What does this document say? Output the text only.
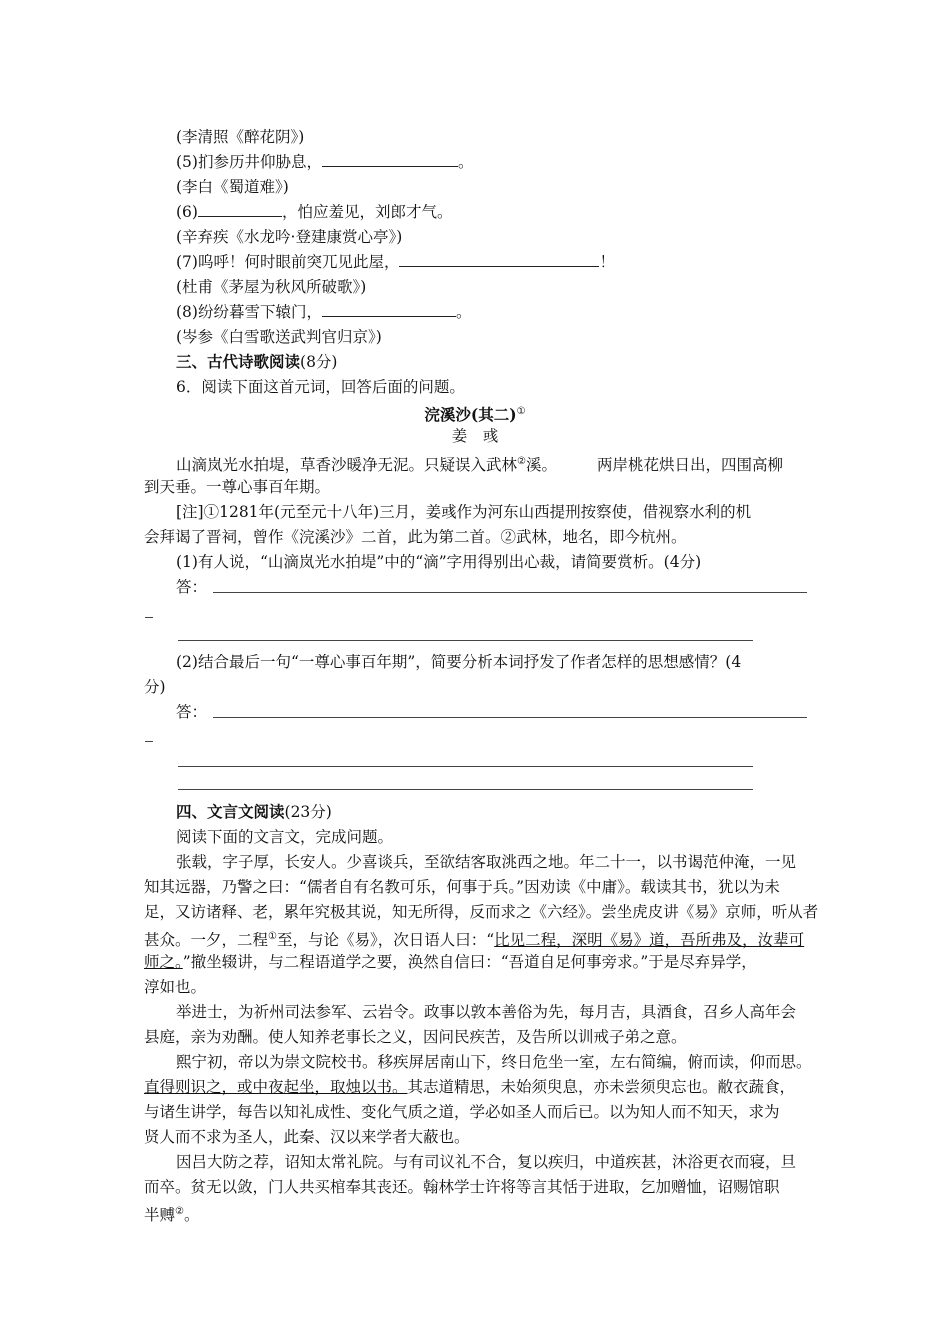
(李清照《醉花阴》)
(5)扪参历井仰胁息，	。
(李白《蜀道难》)
(6)	，怕应羞见，刘郎才气。
(辛弃疾《水龙吟·登建康赏心亭》)
(7)呜呼！何时眼前突兀见此屋，	！
(杜甫《茅屋为秋风所破歌》)
(8)纷纷暮雪下辕门，	。
(岑参《白雪歌送武判官归京》)
三、古代诗歌阅读(8分)
6．阅读下面这首元词，回答后面的问题。
浣溪沙(其二)①
姜　彧
山滴岚光水拍堤，草香沙暖净无泥。只疑误入武林②溪。	两岸桃花烘日出，四围高柳
到天垂。一尊心事百年期。
[注]①1281年(元至元十八年)三月，姜彧作为河东山西提刑按察使，借视察水利的机
会拜谒了晋祠，曾作《浣溪沙》二首，此为第二首。②武林，地名，即今杭州。
(1)有人说，“山滴岚光水拍堤”中的“滴”字用得别出心裁，请简要赏析。(4分)
答：
(2)结合最后一句“一尊心事百年期”，简要分析本词抒发了作者怎样的思想感情？(4
分)
答：
四、文言文阅读(23分)
阅读下面的文言文，完成问题。
张载，字子厚，长安人。少喜谈兵，至欲结客取洮西之地。年二十一，以书谒范仲淹，一见
知其远器，乃警之曰：“儒者自有名教可乐，何事于兵。”因劝读《中庸》。载读其书，犹以为未
足，又访诸释、老，累年究极其说，知无所得，反而求之《六经》。尝坐虎皮讲《易》京师，听从者
甚众。一夕，二程①至，与论《易》，次日语人曰：“比见二程，深明《易》道，吾所弗及，汝辈可
师之。”撤坐辍讲，与二程语道学之要，涣然自信曰：“吾道自足何事旁求。”于是尽弃异学，
淳如也。
举进士，为祈州司法参军、云岩令。政事以敦本善俗为先，每月吉，具酒食，召乡人高年会
县庭，亲为劝酬。使人知养老事长之义，因问民疾苦，及告所以训戒子弟之意。
熙宁初，帝以为崇文院校书。移疾屏居南山下，终日危坐一室，左右简编，俯而读，仰而思。
直得则识之，或中夜起坐，取烛以书。其志道精思，未始须臾息，亦未尝须臾忘也。敝衣蔬食，
与诸生讲学，每告以知礼成性、变化气质之道，学必如圣人而后已。以为知人而不知天，求为
贤人而不求为圣人，此秦、汉以来学者大蔽也。
因吕大防之荐，诏知太常礼院。与有司议礼不合，复以疾归，中道疾甚，沐浴更衣而寝，旦
而卒。贫无以敛，门人共买棺奉其丧还。翰林学士许将等言其恬于进取，乞加赠恤，诏赐馆职
半赙②。
